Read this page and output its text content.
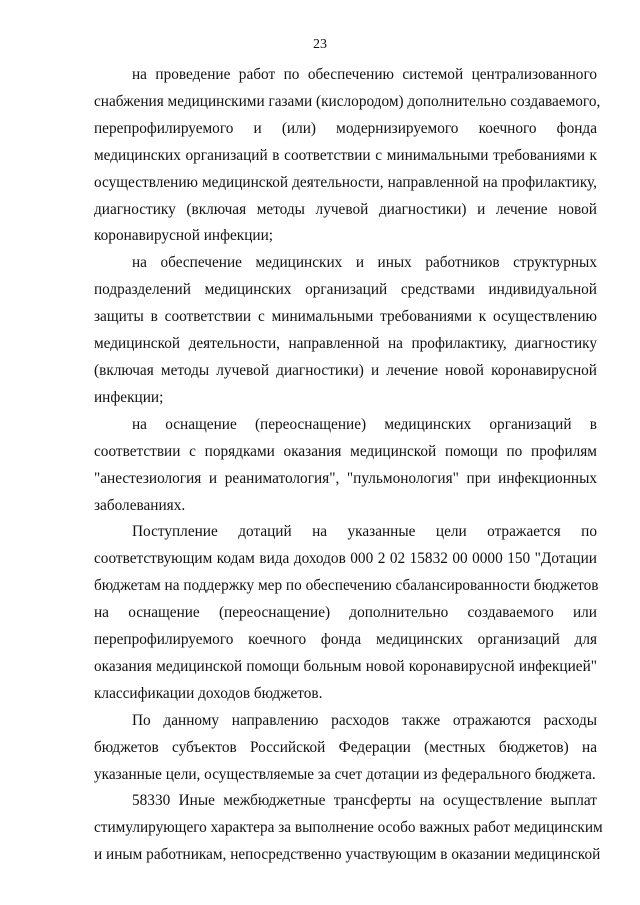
23
на проведение работ по обеспечению системой централизованного
снабжения медицинскими газами (кислородом) дополнительно создаваемого,
перепрофилируемого и (или) модернизируемого коечного фонда
медицинских организаций в соответствии с минимальными требованиями к
осуществлению медицинской деятельности, направленной на профилактику,
диагностику (включая методы лучевой диагностики) и лечение новой
коронавирусной инфекции;
на обеспечение медицинских и иных работников структурных
подразделений медицинских организаций средствами индивидуальной
защиты в соответствии с минимальными требованиями к осуществлению
медицинской деятельности, направленной на профилактику, диагностику
(включая методы лучевой диагностики) и лечение новой коронавирусной
инфекции;
на оснащение (переоснащение) медицинских организаций в
соответствии с порядками оказания медицинской помощи по профилям
"анестезиология и реаниматология", "пульмонология" при инфекционных
заболеваниях.
Поступление дотаций на указанные цели отражается по
соответствующим кодам вида доходов 000 2 02 15832 00 0000 150 "Дотации
бюджетам на поддержку мер по обеспечению сбалансированности бюджетов
на оснащение (переоснащение) дополнительно создаваемого или
перепрофилируемого коечного фонда медицинских организаций для
оказания медицинской помощи больным новой коронавирусной инфекцией"
классификации доходов бюджетов.
По данному направлению расходов также отражаются расходы
бюджетов субъектов Российской Федерации (местных бюджетов) на
указанные цели, осуществляемые за счет дотации из федерального бюджета.
58330 Иные межбюджетные трансферты на осуществление выплат
стимулирующего характера за выполнение особо важных работ медицинским
и иным работникам, непосредственно участвующим в оказании медицинской
